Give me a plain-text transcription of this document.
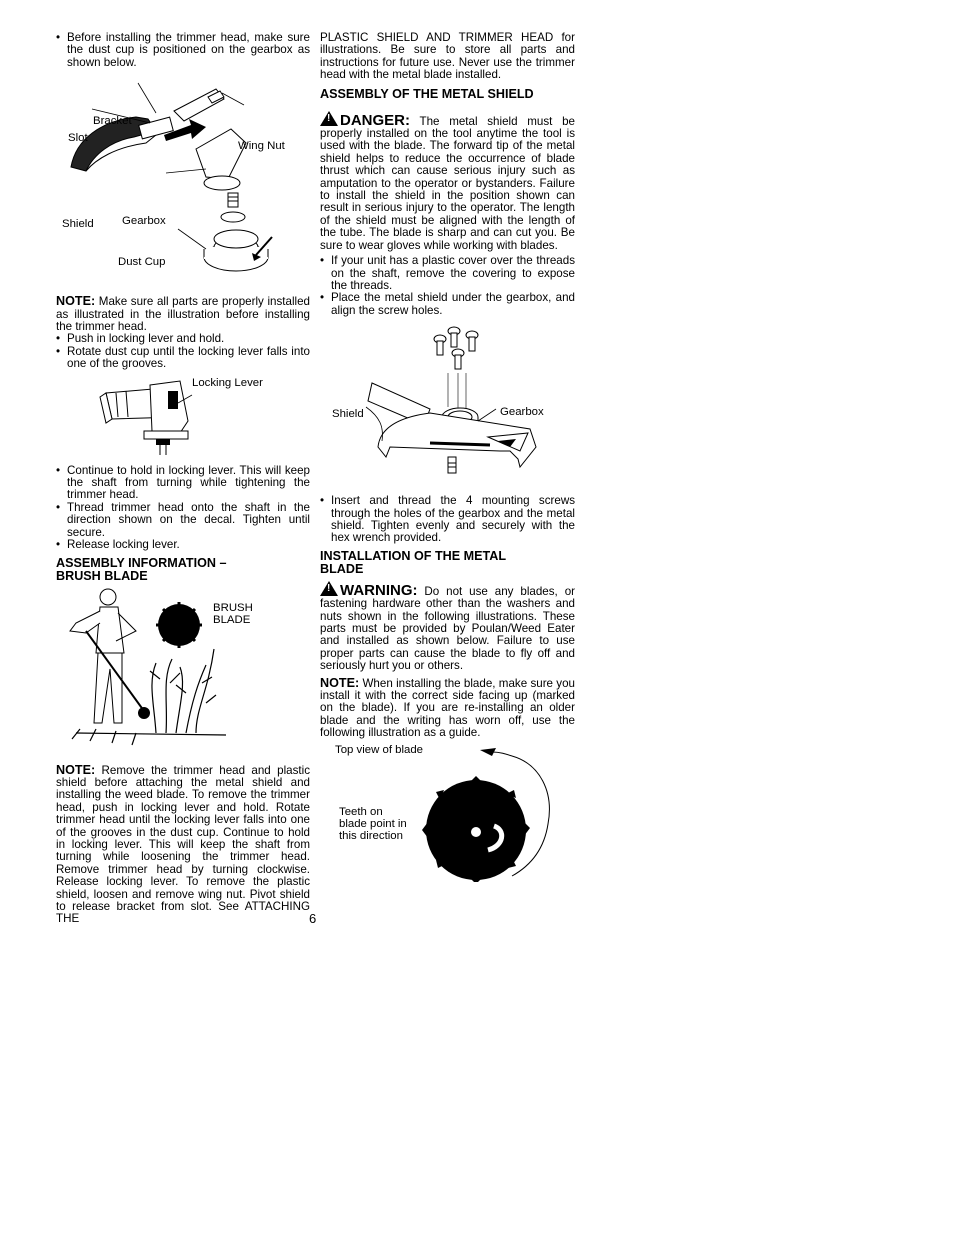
• Before installing the trimmer head, make sure the dust cup is positioned on the gearbox as shown below.
Bracket
Slot
Wing Nut
Shield Gearbox
Dust Cup

NOTE: Make sure all parts are properly installed as illustrated in the illustration before installing the trimmer head.

• Push in locking lever and hold.
• Rotate dust cup until the locking lever falls into one of the grooves.
Locking Lever
• Continue to hold in locking lever. This will keep the shaft from turning while tightening the trimmer head.
• Thread trimmer head onto the shaft in the direction shown on the decal. Tighten until secure.
• Release locking lever.
ASSEMBLY INFORMATION – BRUSH BLADE
BRUSH
BLADE

NOTE: Remove the trimmer head and plastic shield before attaching the metal shield and installing the weed blade. To remove the trimmer head, push in locking lever and hold. Rotate trimmer head until the locking lever falls into one of the grooves in the dust cup. Continue to hold in locking lever. This will keep the shaft from turning while loosening the trimmer head. Remove trimmer head by turning clockwise. Release locking lever. To remove the plastic shield, loosen and remove wing nut. Pivot shield to release bracket from slot. See ATTACHING THE

PLASTIC SHIELD AND TRIMMER HEAD for illustrations. Be sure to store all parts and instructions for future use. Never use the trimmer head with the metal blade installed.

ASSEMBLY OF THE METAL SHIELD

! DANGER: The metal shield must be properly installed on the tool anytime the tool is used with the blade. The forward tip of the metal shield helps to reduce the occurrence of blade thrust which can cause serious injury such as amputation to the operator or bystanders. Failure to install the shield in the position shown can result in serious injury to the operator. The length of the shield must be aligned with the length of the tube. The blade is sharp and can cut you. Be sure to wear gloves while working with blades.

• If your unit has a plastic cover over the threads on the shaft, remove the covering to expose the threads.
• Place the metal shield under the gearbox, and align the screw holes.
Shield	Gearbox
• Insert and thread the 4 mounting screws through the holes of the gearbox and the metal shield. Tighten evenly and securely with the hex wrench provided.
INSTALLATION OF THE METAL BLADE

! WARNING: Do not use any blades, or fastening hardware other than the washers and nuts shown in the following illustrations. These parts must be provided by Poulan/Weed Eater and installed as shown below. Failure to use proper parts can cause the blade to fly off and seriously hurt you or others.

NOTE: When installing the blade, make sure you install it with the correct side facing up (marked on the blade). If you are re-installing an older blade and the writing has worn off, use the following illustration as a guide.

Top view of blade
Teeth on
blade point in
this direction
6
